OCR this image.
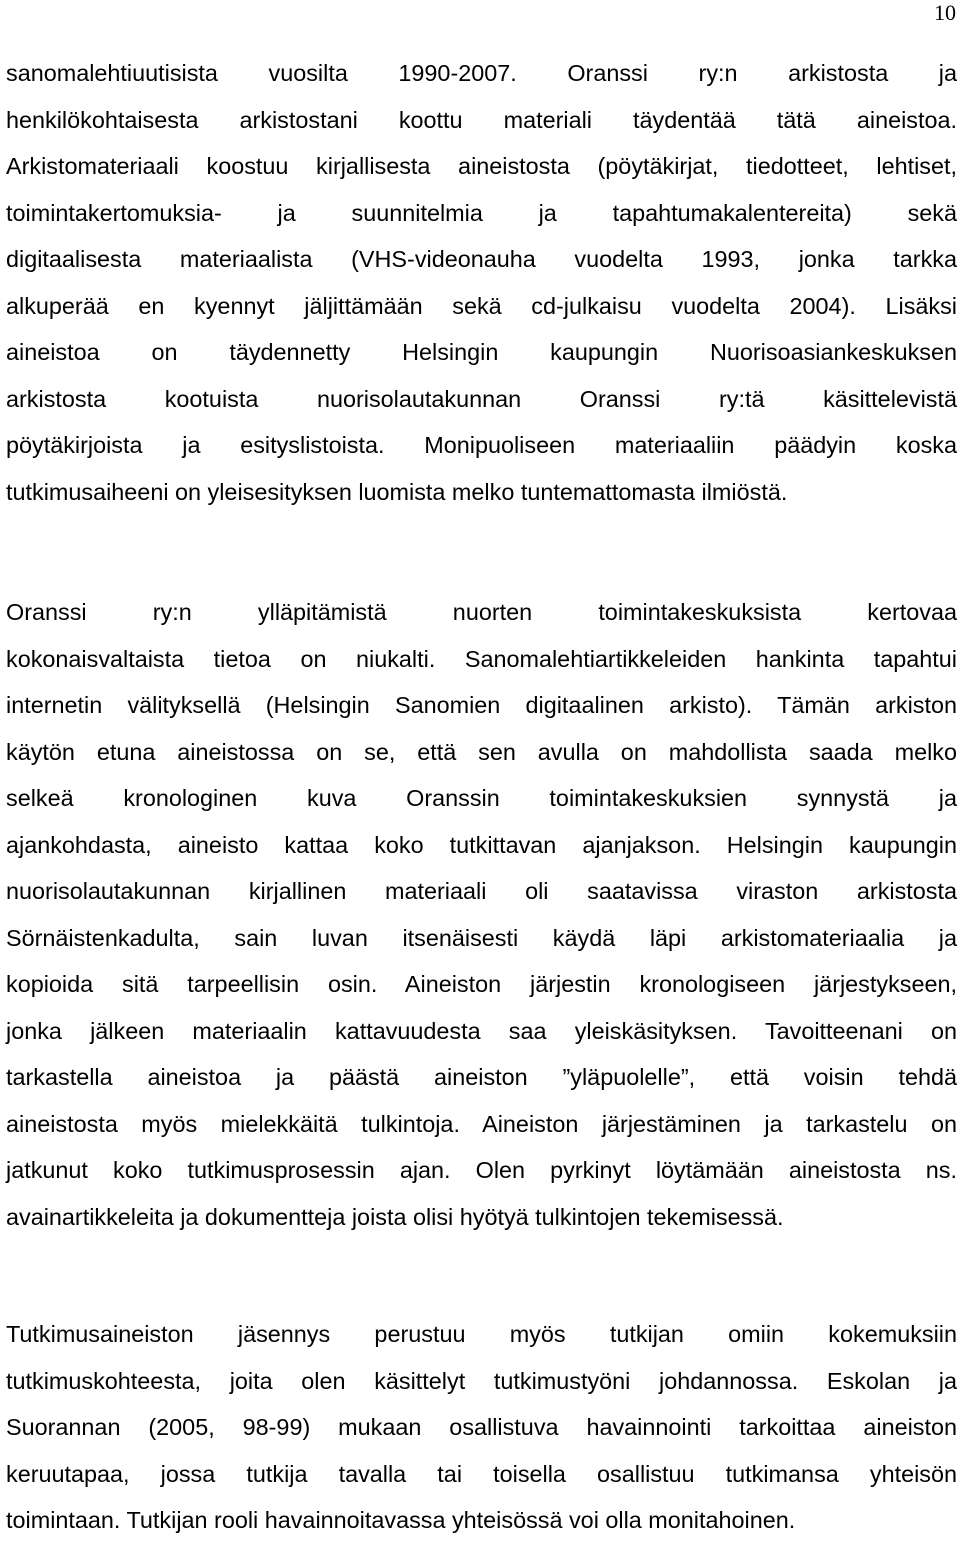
10
sanomalehtiuutisista vuosilta 1990-2007. Oranssi ry:n arkistosta ja
henkilökohtaisesta arkistostani koottu materiali täydentää tätä aineistoa.
Arkistomateriaali koostuu kirjallisesta aineistosta (pöytäkirjat, tiedotteet, lehtiset,
toimintakertomuksia- ja suunnitelmia ja tapahtumakalentereita) sekä
digitaalisesta materiaalista (VHS-videonauha vuodelta 1993, jonka tarkka
alkuperää en kyennyt jäljittämään sekä cd-julkaisu vuodelta 2004). Lisäksi
aineistoa on täydennetty Helsingin kaupungin Nuorisoasiankeskuksen
arkistosta kootuista nuorisolautakunnan Oranssi ry:tä käsittelevistä
pöytäkirjoista ja esityslistoista. Monipuoliseen materiaaliin päädyin koska
tutkimusaiheeni on yleisesityksen luomista melko tuntemattomasta ilmiöstä.
Oranssi ry:n ylläpitämistä nuorten toimintakeskuksista kertovaa
kokonaisvaltaista tietoa on niukalti. Sanomalehtiartikkeleiden hankinta tapahtui
internetin välityksellä (Helsingin Sanomien digitaalinen arkisto). Tämän arkiston
käytön etuna aineistossa on se, että sen avulla on mahdollista saada melko
selkeä kronologinen kuva Oranssin toimintakeskuksien synnystä ja
ajankohdasta, aineisto kattaa koko tutkittavan ajanjakson. Helsingin kaupungin
nuorisolautakunnan kirjallinen materiaali oli saatavissa viraston arkistosta
Sörnäistenkadulta, sain luvan itsenäisesti käydä läpi arkistomateriaalia ja
kopioida sitä tarpeellisin osin. Aineiston järjestin kronologiseen järjestykseen,
jonka jälkeen materiaalin kattavuudesta saa yleiskäsityksen. Tavoitteenani on
tarkastella aineistoa ja päästä aineiston ”yläpuolelle”, että voisin tehdä
aineistosta myös mielekkäitä tulkintoja. Aineiston järjestäminen ja tarkastelu on
jatkunut koko tutkimusprosessin ajan. Olen pyrkinyt löytämään aineistosta ns.
avainartikkeleita ja dokumentteja joista olisi hyötyä tulkintojen tekemisessä.
Tutkimusaineiston jäsennys perustuu myös tutkijan omiin kokemuksiin
tutkimuskohteesta, joita olen käsittelyt tutkimustyöni johdannossa. Eskolan ja
Suorannan (2005, 98-99) mukaan osallistuva havainnointi tarkoittaa aineiston
keruutapaa, jossa tutkija tavalla tai toisella osallistuu tutkimansa yhteisön
toimintaan. Tutkijan rooli havainnoitavassa yhteisössä voi olla monitahoinen.
